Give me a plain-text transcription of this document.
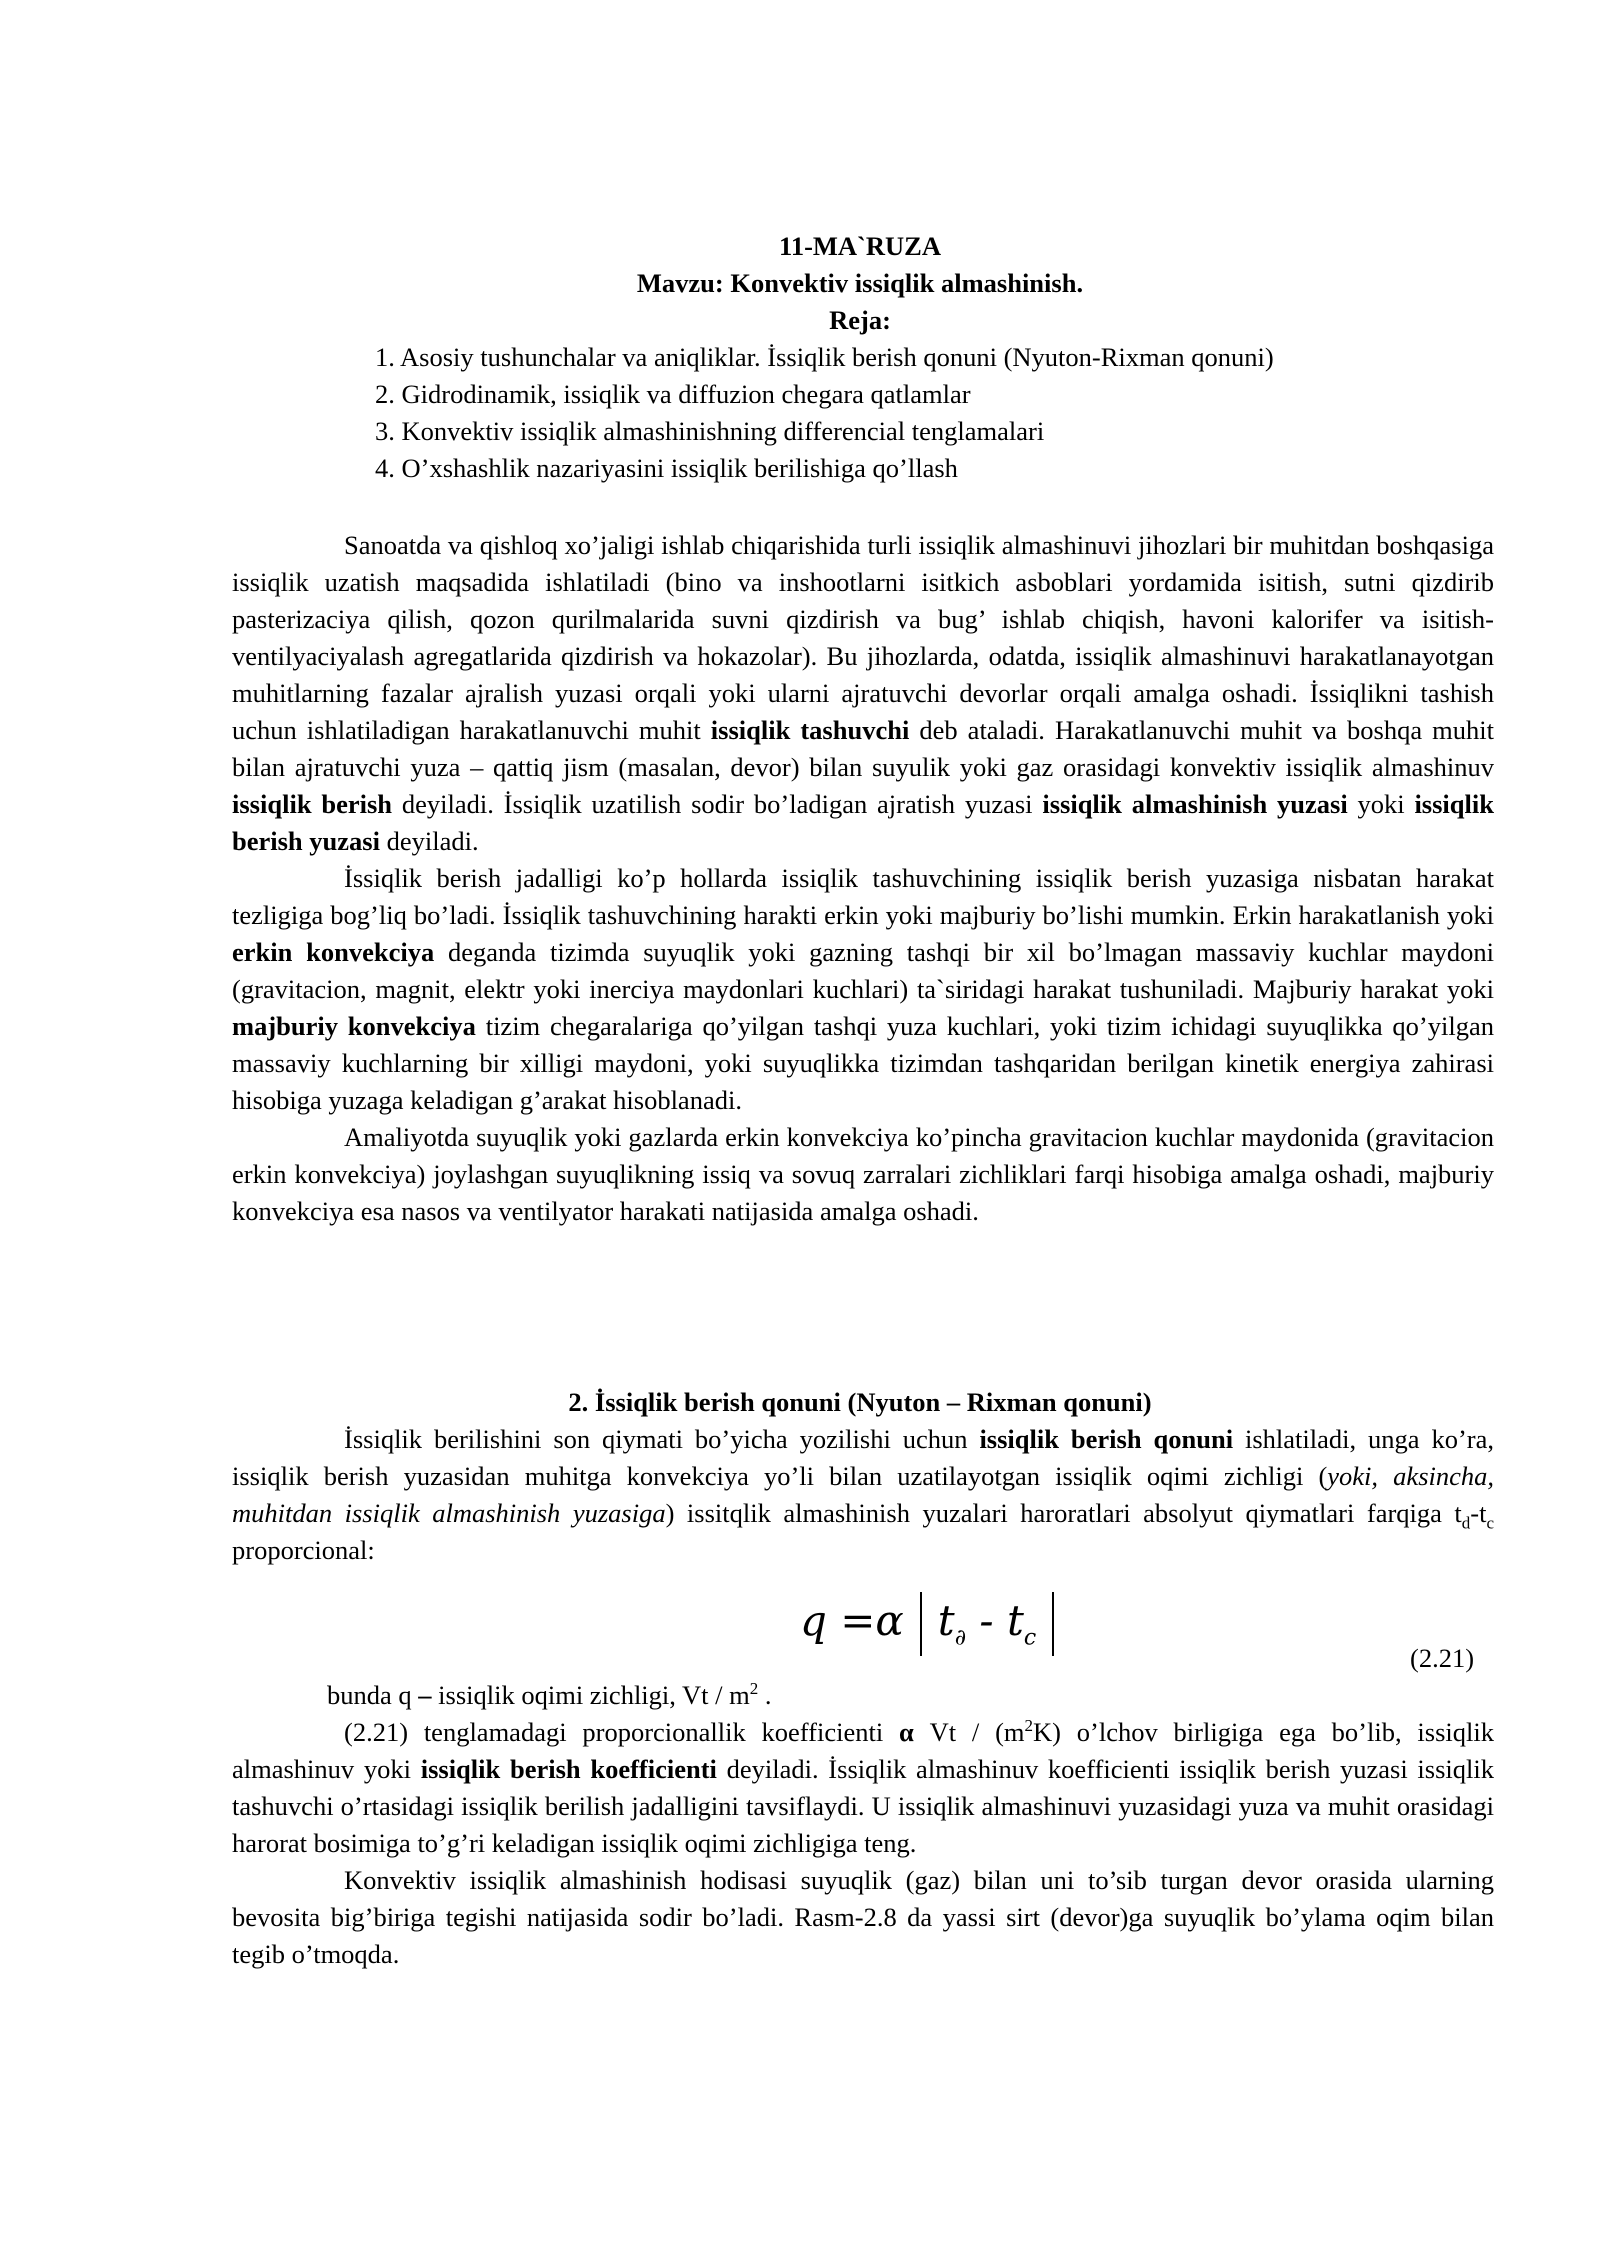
11-MA`RUZA

Mavzu: Konvektiv issiqlik almashinish.

Reja:

1. Asosiy tushunchalar va aniqliklar. İssiqlik berish qonuni (Nyuton-Rixman qonuni)
2. Gidrodinamik, issiqlik va diffuzion chegara qatlamlar
3. Konvektiv issiqlik almashinishning differencial tenglamalari
4. O’xshashlik nazariyasini issiqlik berilishiga qo’llash

Sanoatda va qishloq xo’jaligi ishlab chiqarishida turli issiqlik almashinuvi jihozlari bir muhitdan boshqasiga issiqlik uzatish maqsadida ishlatiladi (bino va inshootlarni isitkich asboblari yordamida isitish, sutni qizdirib pasterizaciya qilish, qozon qurilmalarida suvni qizdirish va bug’ ishlab chiqish, havoni kalorifer va isitish-ventilyaciyalash agregatlarida qizdirish va hokazolar). Bu jihozlarda, odatda, issiqlik almashinuvi harakatlanayotgan muhitlarning fazalar ajralish yuzasi orqali yoki ularni ajratuvchi devorlar orqali amalga oshadi. İssiqlikni tashish uchun ishlatiladigan harakatlanuvchi muhit issiqlik tashuvchi deb ataladi. Harakatlanuvchi muhit va boshqa muhit bilan ajratuvchi yuza – qattiq jism (masalan, devor) bilan suyulik yoki gaz orasidagi konvektiv issiqlik almashinuv issiqlik berish deyiladi. İssiqlik uzatilish sodir bo’ladigan ajratish yuzasi issiqlik almashinish yuzasi yoki issiqlik berish yuzasi deyiladi.

İssiqlik berish jadalligi ko’p hollarda issiqlik tashuvchining issiqlik berish yuzasiga nisbatan harakat tezligiga bog’liq bo’ladi. İssiqlik tashuvchining harakti erkin yoki majburiy bo’lishi mumkin. Erkin harakatlanish yoki erkin konvekciya deganda tizimda suyuqlik yoki gazning tashqi bir xil bo’lmagan massaviy kuchlar maydoni (gravitacion, magnit, elektr yoki inerciya maydonlari kuchlari) ta`siridagi harakat tushuniladi. Majburiy harakat yoki majburiy konvekciya tizim chegaralariga qo’yilgan tashqi yuza kuchlari, yoki tizim ichidagi suyuqlikka qo’yilgan massaviy kuchlarning bir xilligi maydoni, yoki suyuqlikka tizimdan tashqaridan berilgan kinetik energiya zahirasi hisobiga yuzaga keladigan g’arakat hisoblanadi.

Amaliyotda suyuqlik yoki gazlarda erkin konvekciya ko’pincha gravitacion kuchlar maydonida (gravitacion erkin konvekciya) joylashgan suyuqlikning issiq va sovuq zarralari zichliklari farqi hisobiga amalga oshadi, majburiy konvekciya esa nasos va ventilyator harakati natijasida amalga oshadi.

2. İssiqlik berish qonuni (Nyuton – Rixman qonuni)

İssiqlik berilishini son qiymati bo’yicha yozilishi uchun issiqlik berish qonuni ishlatiladi, unga ko’ra, issiqlik berish yuzasidan muhitga konvekciya yo’li bilan uzatilayotgan issiqlik oqimi zichligi (yoki, aksincha, muhitdan issiqlik almashinish yuzasiga) issitqlik almashinish yuzalari haroratlari absolyut qiymatlari farqiga $t_d-t_c$ proporcional:

q =α $t_\partial - t_c$
(2.21)
bunda q – issiqlik oqimi zichligi, Vt / $m^2$ .

(2.21) tenglamadagi proporcionallik koefficienti α Vt / $(m^2K)$ o’lchov birligiga ega bo’lib, issiqlik almashinuv yoki issiqlik berish koefficienti deyiladi. İssiqlik almashinuv koefficienti issiqlik berish yuzasi issiqlik tashuvchi o’rtasidagi issiqlik berilish jadalligini tavsiflaydi. U issiqlik almashinuvi yuzasidagi yuza va muhit orasidagi harorat bosimiga to’g’ri keladigan issiqlik oqimi zichligiga teng.

Konvektiv issiqlik almashinish hodisasi suyuqlik (gaz) bilan uni to’sib turgan devor orasida ularning bevosita big’biriga tegishi natijasida sodir bo’ladi. Rasm-2.8 da yassi sirt (devor)ga suyuqlik bo’ylama oqim bilan tegib o’tmoqda.
